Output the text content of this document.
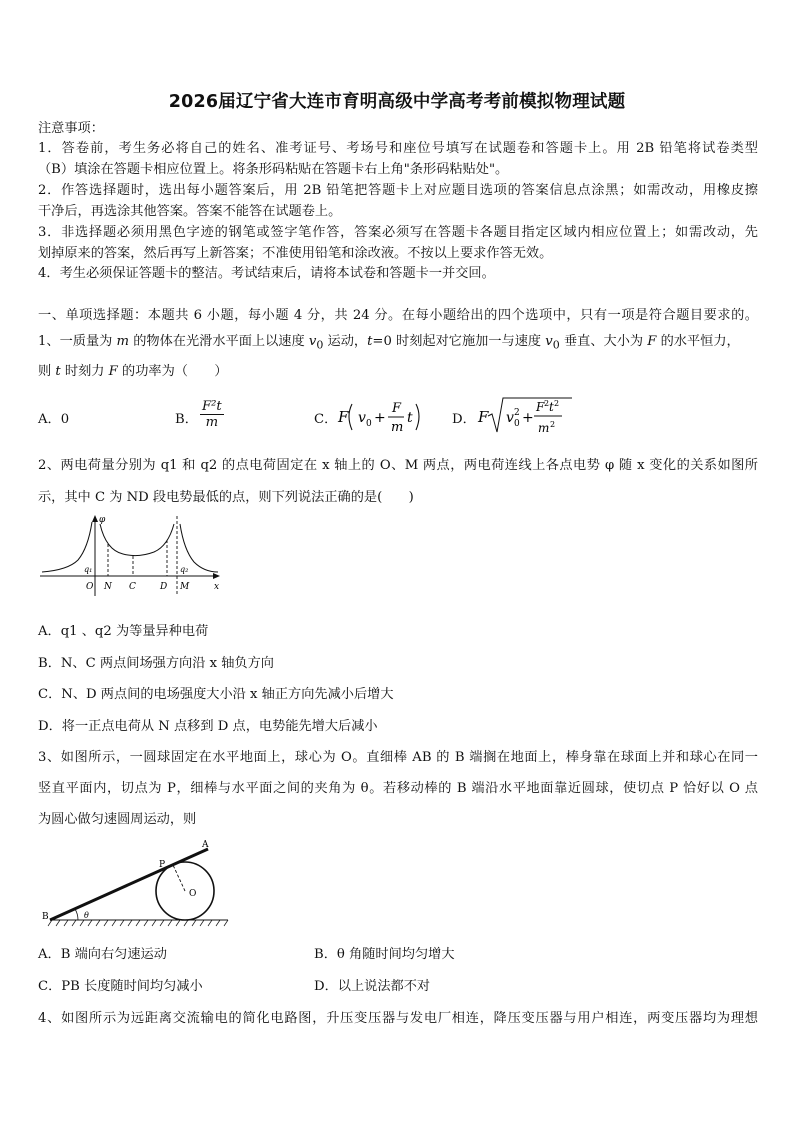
2026届辽宁省大连市育明高级中学高考考前模拟物理试题
注意事项：
1．答卷前，考生务必将自己的姓名、准考证号、考场号和座位号填写在试题卷和答题卡上。用 2B 铅笔将试卷类型
（B）填涂在答题卡相应位置上。将条形码粘贴在答题卡右上角"条形码粘贴处"。
2．作答选择题时，选出每小题答案后，用 2B 铅笔把答题卡上对应题目选项的答案信息点涂黑；如需改动，用橡皮擦
干净后，再选涂其他答案。答案不能答在试题卷上。
3．非选择题必须用黑色字迹的钢笔或签字笔作答，答案必须写在答题卡各题目指定区域内相应位置上；如需改动，先
划掉原来的答案，然后再写上新答案；不准使用铅笔和涂改液。不按以上要求作答无效。
4．考生必须保证答题卡的整洁。考试结束后，请将本试卷和答题卡一并交回。
一、单项选择题：本题共 6 小题，每小题 4 分，共 24 分。在每小题给出的四个选项中，只有一项是符合题目要求的。
1、一质量为 m 的物体在光滑水平面上以速度 $v_0$ 运动，t=0 时刻起对它施加一与速度 $v_0$ 垂直、大小为 F 的水平恒力，
则 t 时刻力 F 的功率为（　　）
A．0	B． $\frac{\text{F²t}}{m}$	C． F v 0 +
F
m
t	D． F v 0
2 +
F 2 t 2
m 2
2、两电荷量分别为 q1 和 q2 的点电荷固定在 x 轴上的 O、M 两点，两电荷连线上各点电势 φ 随 x 变化的关系如图所
示，其中 C 为 ND 段电势最低的点，则下列说法正确的是(　　)
φ
x
q₁	q₂
O N C	D M
A．q1 、q2 为等量异种电荷
B．N、C 两点间场强方向沿 x 轴负方向
C．N、D 两点间的电场强度大小沿 x 轴正方向先减小后增大
D．将一正点电荷从 N 点移到 D 点，电势能先增大后减小
3、如图所示，一圆球固定在水平地面上，球心为 O。直细棒 AB 的 B 端搁在地面上，棒身靠在球面上并和球心在同一
竖直平面内，切点为 P，细棒与水平面之间的夹角为 θ。若移动棒的 B 端沿水平地面靠近圆球，使切点 P 恰好以 O 点
为圆心做匀速圆周运动，则
A
B
P
O
θ
A．B 端向右匀速运动	B．θ 角随时间均匀增大
C．PB 长度随时间均匀减小	D．以上说法都不对
4、如图所示为远距离交流输电的简化电路图，升压变压器与发电厂相连，降压变压器与用户相连，两变压器均为理想
